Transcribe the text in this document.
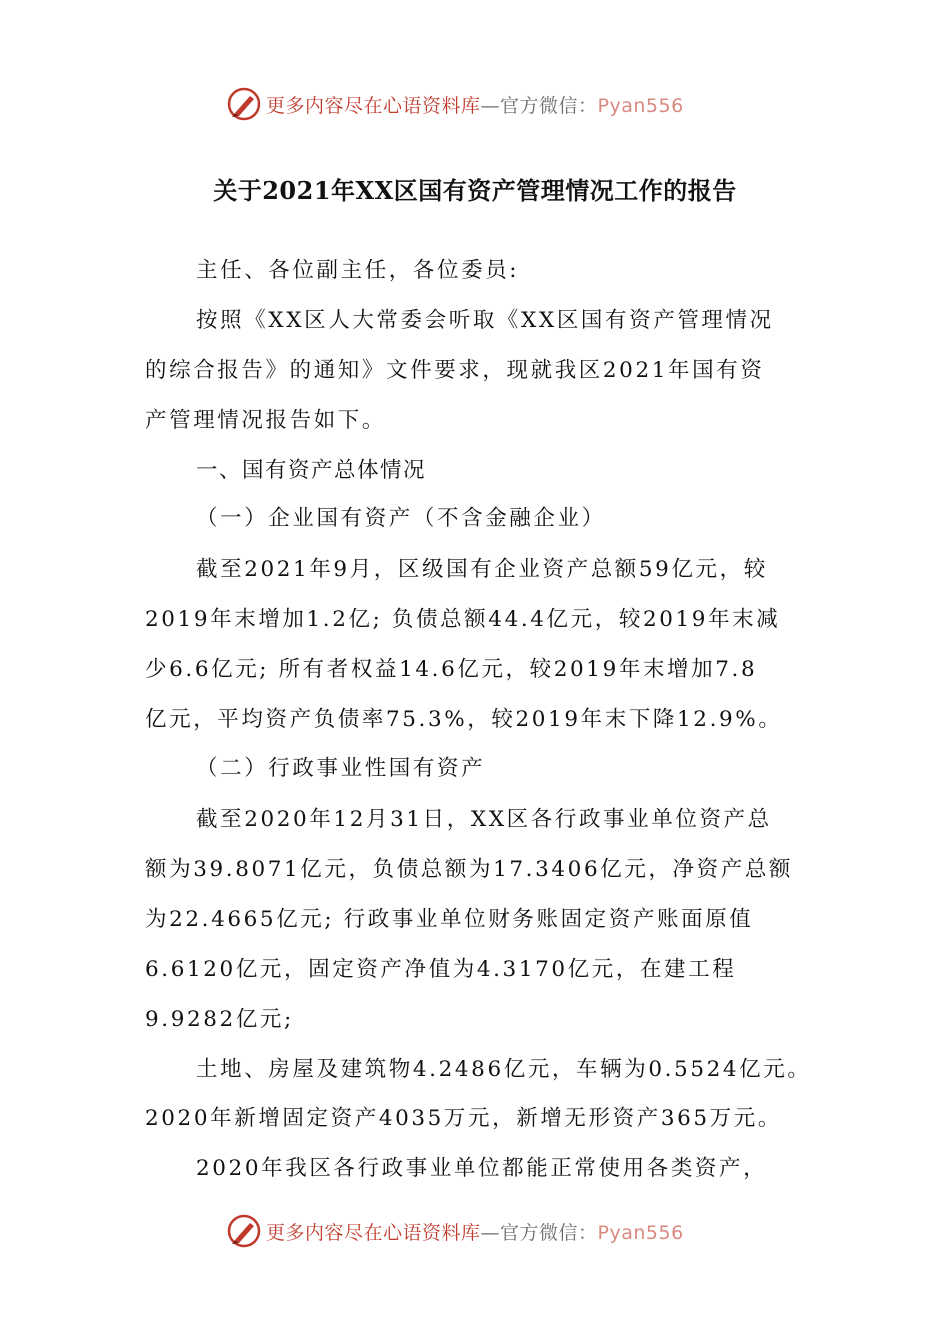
更多内容尽在心语资料库—官方微信：Pyan556
关于2021年XX区国有资产管理情况工作的报告
主任、各位副主任，各位委员:
按照《XX区人大常委会听取《XX区国有资产管理情况
的综合报告》的通知》文件要求，现就我区2021年国有资
产管理情况报告如下。
一、国有资产总体情况
（一）企业国有资产（不含金融企业）
截至2021年9月，区级国有企业资产总额59亿元，较
2019年末增加1.2亿; 负债总额44.4亿元，较2019年末减
少6.6亿元; 所有者权益14.6亿元，较2019年末增加7.8
亿元，平均资产负债率75.3%，较2019年末下降12.9%。
（二）行政事业性国有资产
截至2020年12月31日，XX区各行政事业单位资产总
额为39.8071亿元，负债总额为17.3406亿元，净资产总额
为22.4665亿元; 行政事业单位财务账固定资产账面原值
6.6120亿元，固定资产净值为4.3170亿元，在建工程
9.9282亿元;
土地、房屋及建筑物4.2486亿元，车辆为0.5524亿元。
2020年新增固定资产4035万元，新增无形资产365万元。
2020年我区各行政事业单位都能正常使用各类资产，
更多内容尽在心语资料库—官方微信：Pyan556
